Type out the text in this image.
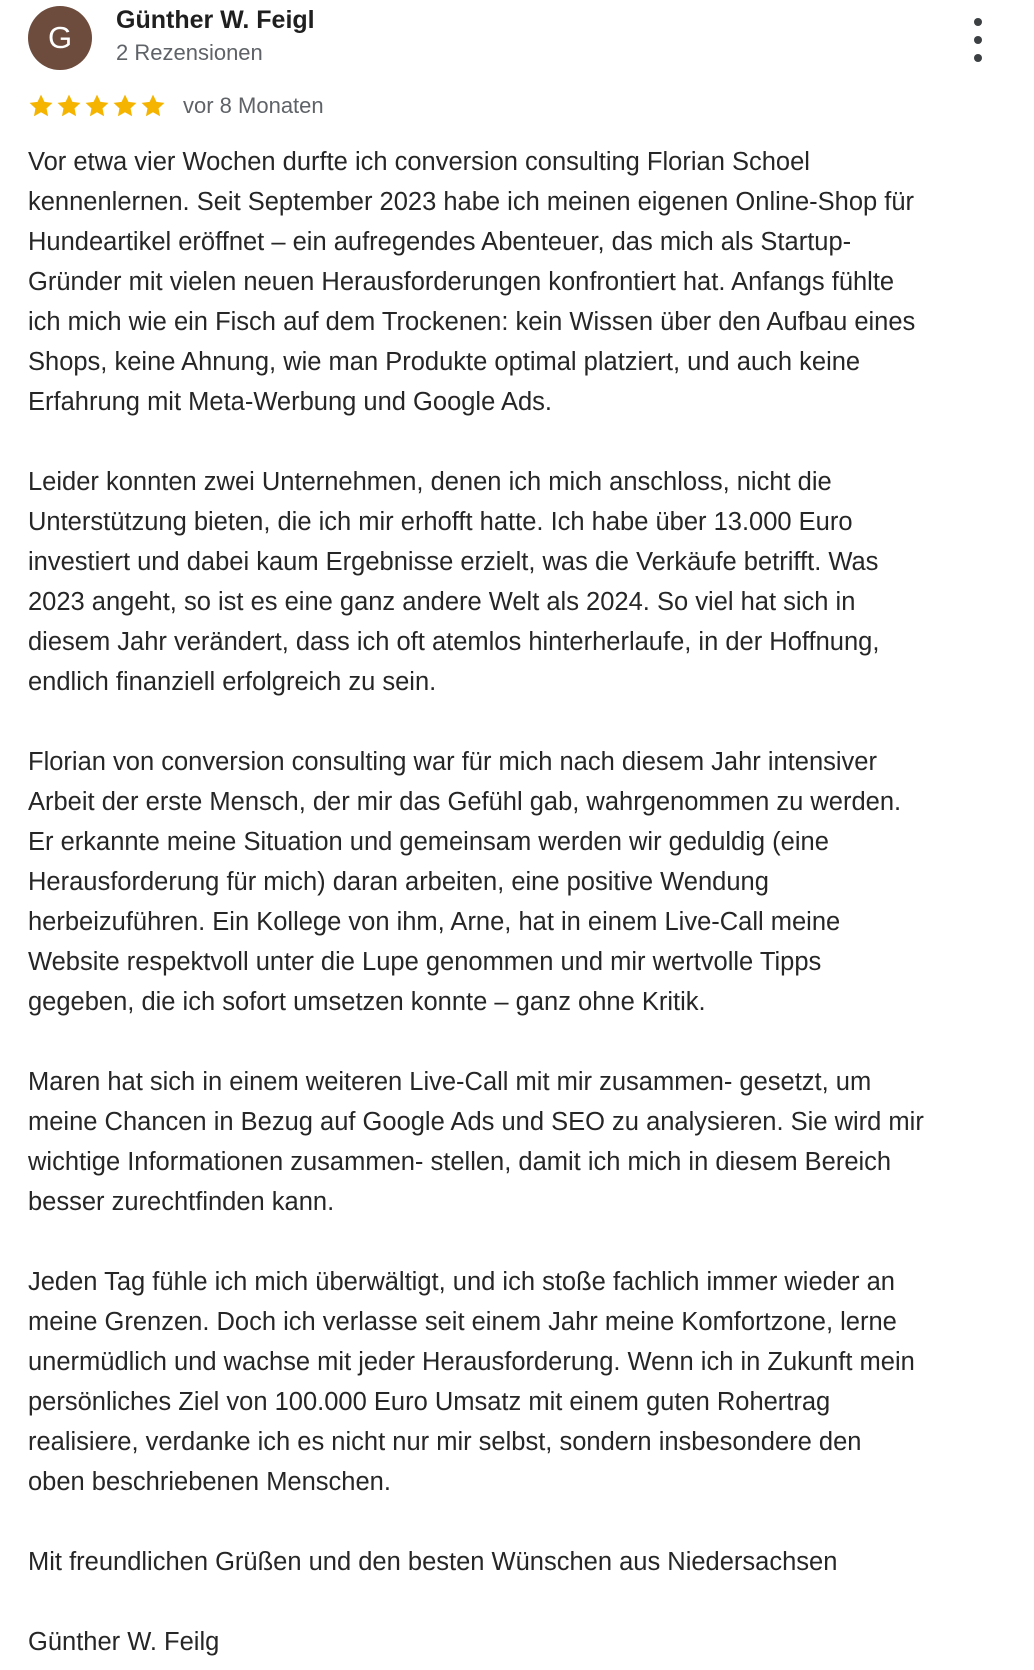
G	Günther W. Feigl
2 Rezensionen
vor 8 Monaten

Vor etwa vier Wochen durfte ich conversion consulting Florian Schoel
kennenlernen. Seit September 2023 habe ich meinen eigenen Online-Shop für
Hundeartikel eröffnet – ein aufregendes Abenteuer, das mich als Startup-
Gründer mit vielen neuen Herausforderungen konfrontiert hat. Anfangs fühlte
ich mich wie ein Fisch auf dem Trockenen: kein Wissen über den Aufbau eines
Shops, keine Ahnung, wie man Produkte optimal platziert, und auch keine
Erfahrung mit Meta-Werbung und Google Ads.

Leider konnten zwei Unternehmen, denen ich mich anschloss, nicht die
Unterstützung bieten, die ich mir erhofft hatte. Ich habe über 13.000 Euro
investiert und dabei kaum Ergebnisse erzielt, was die Verkäufe betrifft. Was
2023 angeht, so ist es eine ganz andere Welt als 2024. So viel hat sich in
diesem Jahr verändert, dass ich oft atemlos hinterherlaufe, in der Hoffnung,
endlich finanziell erfolgreich zu sein.

Florian von conversion consulting war für mich nach diesem Jahr intensiver
Arbeit der erste Mensch, der mir das Gefühl gab, wahrgenommen zu werden.
Er erkannte meine Situation und gemeinsam werden wir geduldig (eine
Herausforderung für mich) daran arbeiten, eine positive Wendung
herbeizuführen. Ein Kollege von ihm, Arne, hat in einem Live-Call meine
Website respektvoll unter die Lupe genommen und mir wertvolle Tipps
gegeben, die ich sofort umsetzen konnte – ganz ohne Kritik.

Maren hat sich in einem weiteren Live-Call mit mir zusammen- gesetzt, um
meine Chancen in Bezug auf Google Ads und SEO zu analysieren. Sie wird mir
wichtige Informationen zusammen- stellen, damit ich mich in diesem Bereich
besser zurechtfinden kann.

Jeden Tag fühle ich mich überwältigt, und ich stoße fachlich immer wieder an
meine Grenzen. Doch ich verlasse seit einem Jahr meine Komfortzone, lerne
unermüdlich und wachse mit jeder Herausforderung. Wenn ich in Zukunft mein
persönliches Ziel von 100.000 Euro Umsatz mit einem guten Rohertrag
realisiere, verdanke ich es nicht nur mir selbst, sondern insbesondere den
oben beschriebenen Menschen.

Mit freundlichen Grüßen und den besten Wünschen aus Niedersachsen

Günther W. Feilg
